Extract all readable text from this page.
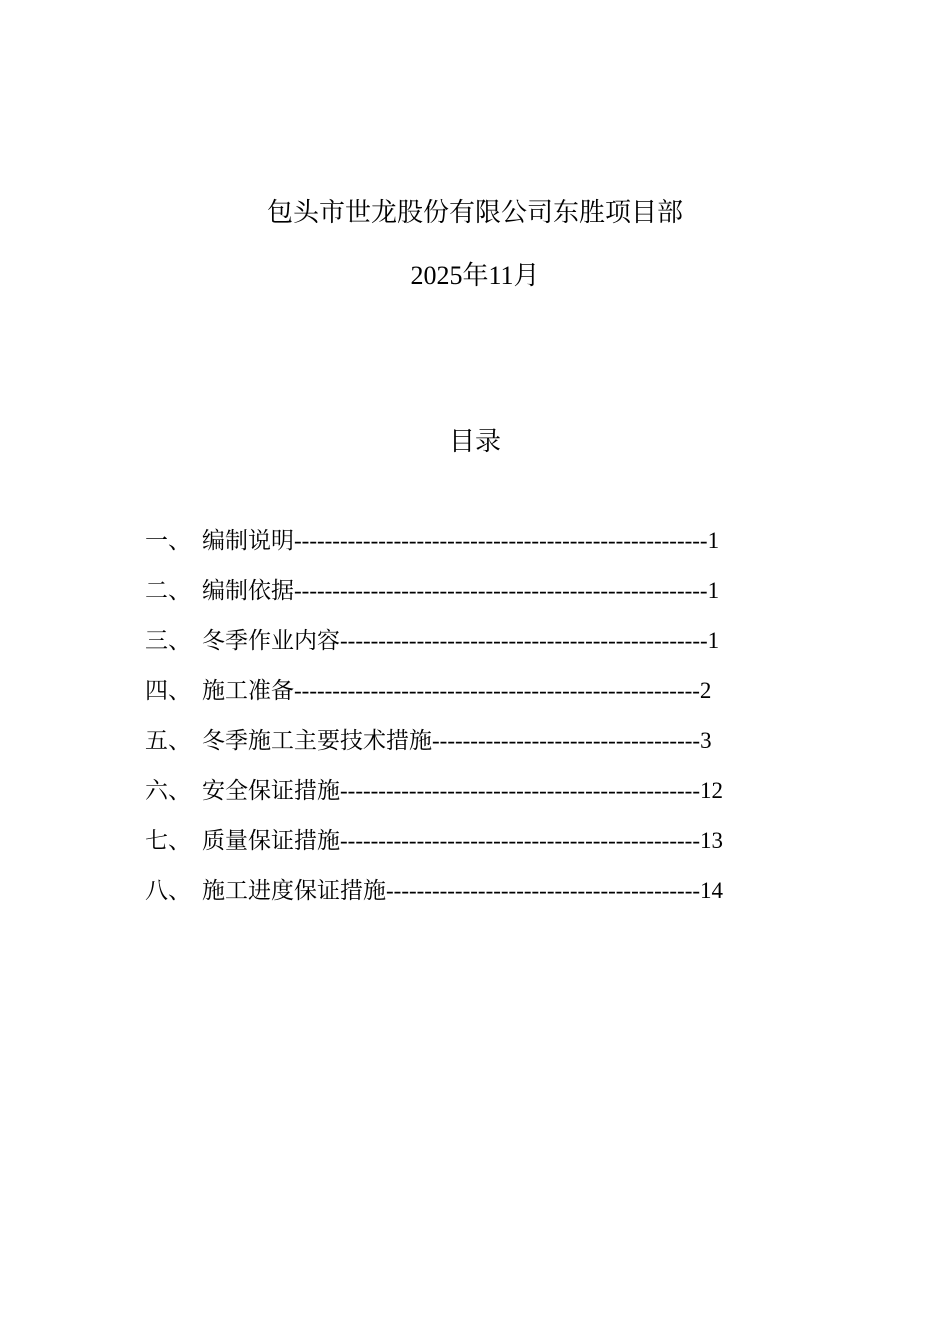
包头市世龙股份有限公司东胜项目部
2025年11月
目录
一、 编制说明------------------------------------------------------1
二、 编制依据------------------------------------------------------1
三、 冬季作业内容------------------------------------------------1
四、 施工准备-----------------------------------------------------2
五、 冬季施工主要技术措施-----------------------------------3
六、 安全保证措施-----------------------------------------------12
七、 质量保证措施-----------------------------------------------13
八、 施工进度保证措施-----------------------------------------14
